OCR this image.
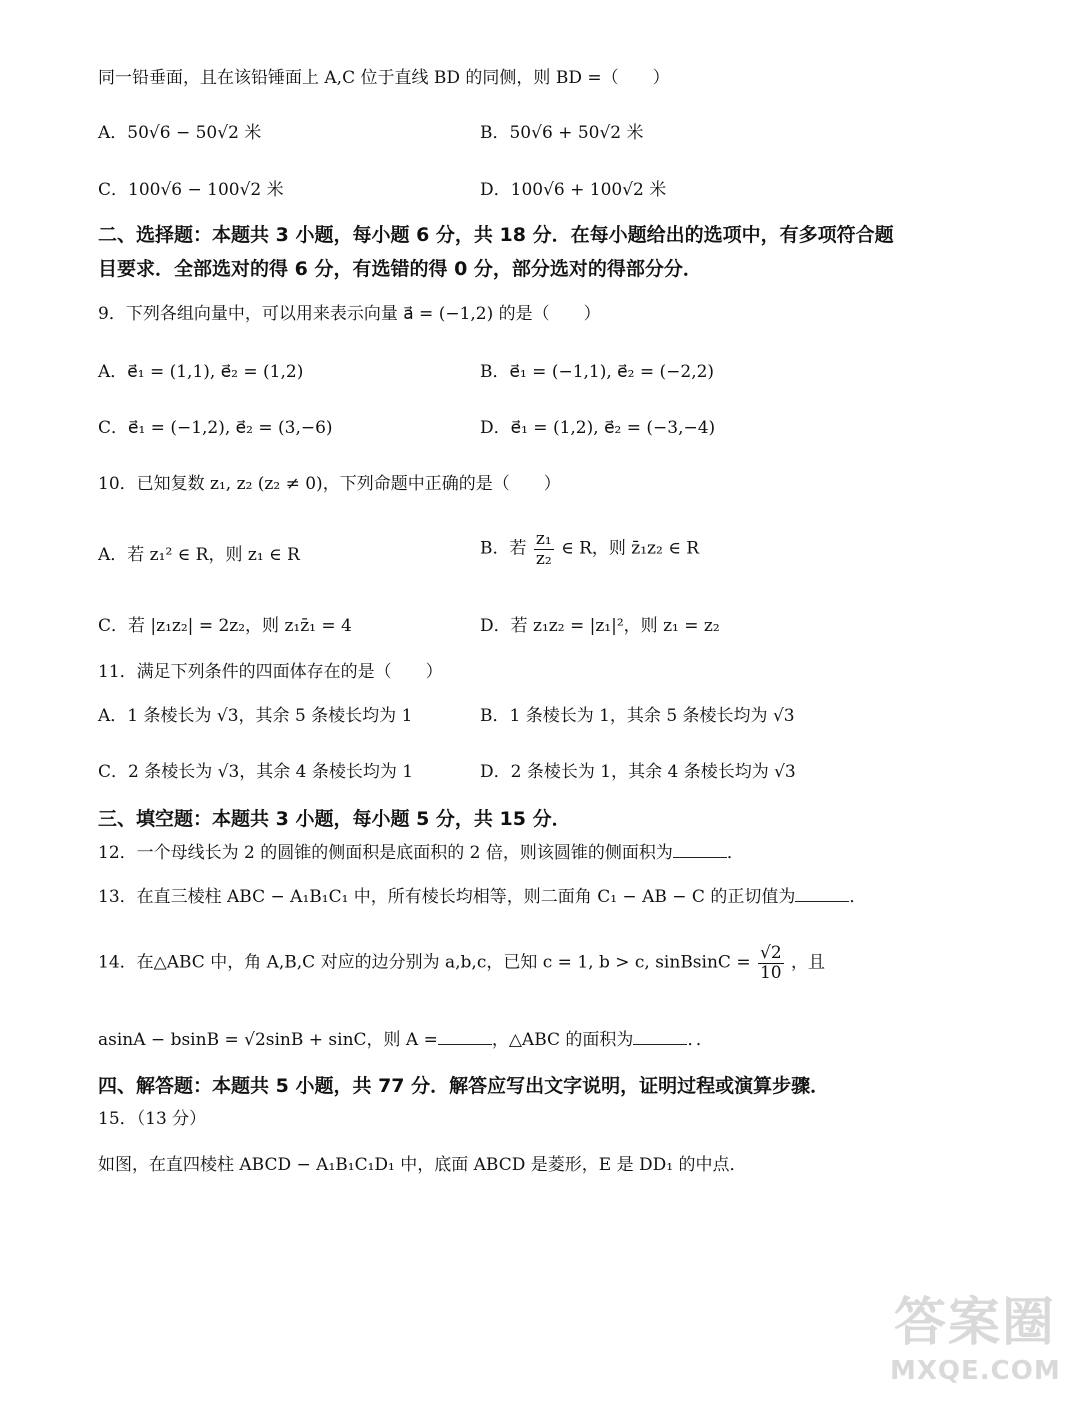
同一铅垂面，且在该铅锤面上 A,C 位于直线 BD 的同侧，则 BD =（　　）
A．50√6 − 50√2 米	B．50√6 + 50√2 米
C．100√6 − 100√2 米	D．100√6 + 100√2 米
二、选择题：本题共 3 小题，每小题 6 分，共 18 分．在每小题给出的选项中，有多项符合题
目要求．全部选对的得 6 分，有选错的得 0 分，部分选对的得部分分．
9．下列各组向量中，可以用来表示向量 a⃗ = (−1,2) 的是（　　）
A．e⃗₁ = (1,1), e⃗₂ = (1,2)	B．e⃗₁ = (−1,1), e⃗₂ = (−2,2)
C．e⃗₁ = (−1,2), e⃗₂ = (3,−6)	D．e⃗₁ = (1,2), e⃗₂ = (−3,−4)
10．已知复数 z₁, z₂ (z₂ ≠ 0)，下列命题中正确的是（　　）
A．若 z₁² ∈ R，则 z₁ ∈ R	B．若 $\frac{\text{z₁}}{\text{z₂}}$ ∈ R，则 z̄₁z₂ ∈ R
C．若 |z₁z₂| = 2z₂，则 z₁z̄₁ = 4	D．若 z₁z₂ = |z₁|²，则 z₁ = z₂
11．满足下列条件的四面体存在的是（　　）
A．1 条棱长为 √3，其余 5 条棱长均为 1	B．1 条棱长为 1，其余 5 条棱长均为 √3
C．2 条棱长为 √3，其余 4 条棱长均为 1	D．2 条棱长为 1，其余 4 条棱长均为 √3
三、填空题：本题共 3 小题，每小题 5 分，共 15 分．
12．一个母线长为 2 的圆锥的侧面积是底面积的 2 倍，则该圆锥的侧面积为	．
13．在直三棱柱 ABC − A₁B₁C₁ 中，所有棱长均相等，则二面角 C₁ − AB − C 的正切值为	．
14．在△ABC 中，角 A,B,C 对应的边分别为 a,b,c，已知 c = 1, b > c, sinBsinC = $\frac{√2}{10}$ ，且
asinA − bsinB = √2sinB + sinC，则 A =	，△ABC 的面积为	．．
四、解答题：本题共 5 小题，共 77 分．解答应写出文字说明，证明过程或演算步骤．
15．（13 分）
如图，在直四棱柱 ABCD − A₁B₁C₁D₁ 中，底面 ABCD 是菱形，E 是 DD₁ 的中点．
答案圈
MXQE.COM
